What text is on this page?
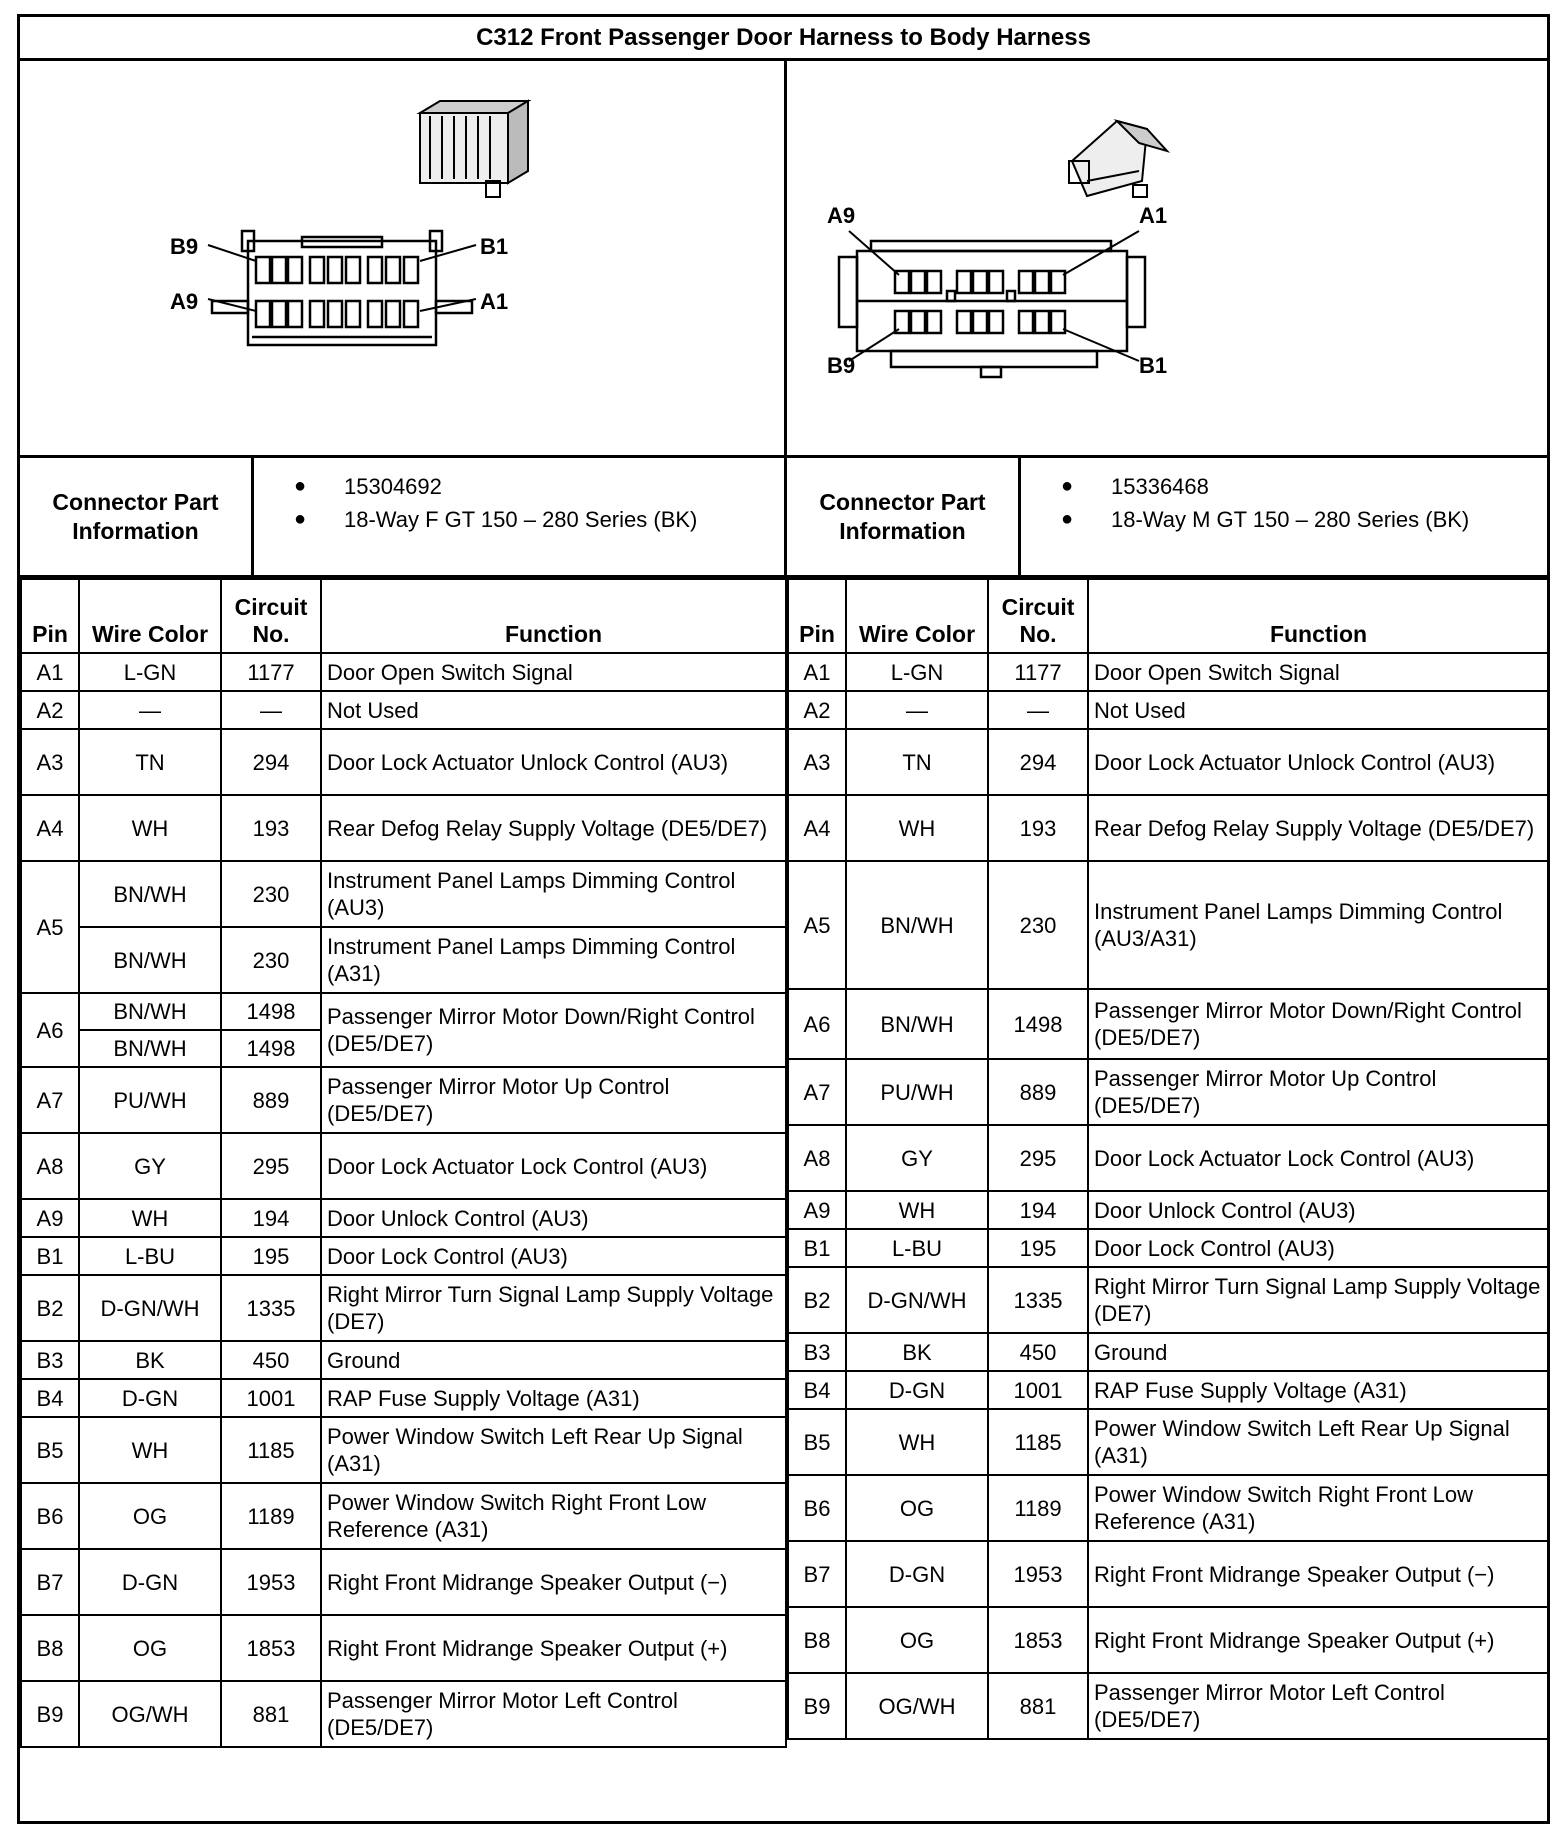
C312 Front Passenger Door Harness to Body Harness
B9	B1
A9	A1
A9	A1
B9	B1
Connector Part
Information
●	15304692
●	18-Way F GT 150 – 280 Series (BK)
Connector Part
Information
●	15336468
●	18-Way M GT 150 – 280 Series (BK)
Pin	Wire Color	Circuit
No.	Function
A1	L-GN	1177	Door Open Switch Signal
A2	—	—	Not Used
A3	TN	294	Door Lock Actuator Unlock Control (AU3)
A4	WH	193	Rear Defog Relay Supply Voltage (DE5/DE7)
A5	BN/WH	230	Instrument Panel Lamps Dimming Control (AU3)
	BN/WH	230	Instrument Panel Lamps Dimming Control (A31)
A6	BN/WH	1498	Passenger Mirror Motor Down/Right Control (DE5/DE7)
	BN/WH	1498	
A7	PU/WH	889	Passenger Mirror Motor Up Control (DE5/DE7)
A8	GY	295	Door Lock Actuator Lock Control (AU3)
A9	WH	194	Door Unlock Control (AU3)
B1	L-BU	195	Door Lock Control (AU3)
B2	D-GN/WH	1335	Right Mirror Turn Signal Lamp Supply Voltage (DE7)
B3	BK	450	Ground
B4	D-GN	1001	RAP Fuse Supply Voltage (A31)
B5	WH	1185	Power Window Switch Left Rear Up Signal (A31)
B6	OG	1189	Power Window Switch Right Front Low Reference (A31)
B7	D-GN	1953	Right Front Midrange Speaker Output (−)
B8	OG	1853	Right Front Midrange Speaker Output (+)
B9	OG/WH	881	Passenger Mirror Motor Left Control (DE5/DE7)
Pin	Wire Color	Circuit
No.	Function
A1	L-GN	1177	Door Open Switch Signal
A2	—	—	Not Used
A3	TN	294	Door Lock Actuator Unlock Control (AU3)
A4	WH	193	Rear Defog Relay Supply Voltage (DE5/DE7)
A5	BN/WH	230	Instrument Panel Lamps Dimming Control (AU3/A31)
A6	BN/WH	1498	Passenger Mirror Motor Down/Right Control (DE5/DE7)
A7	PU/WH	889	Passenger Mirror Motor Up Control (DE5/DE7)
A8	GY	295	Door Lock Actuator Lock Control (AU3)
A9	WH	194	Door Unlock Control (AU3)
B1	L-BU	195	Door Lock Control (AU3)
B2	D-GN/WH	1335	Right Mirror Turn Signal Lamp Supply Voltage (DE7)
B3	BK	450	Ground
B4	D-GN	1001	RAP Fuse Supply Voltage (A31)
B5	WH	1185	Power Window Switch Left Rear Up Signal (A31)
B6	OG	1189	Power Window Switch Right Front Low Reference (A31)
B7	D-GN	1953	Right Front Midrange Speaker Output (−)
B8	OG	1853	Right Front Midrange Speaker Output (+)
B9	OG/WH	881	Passenger Mirror Motor Left Control (DE5/DE7)
